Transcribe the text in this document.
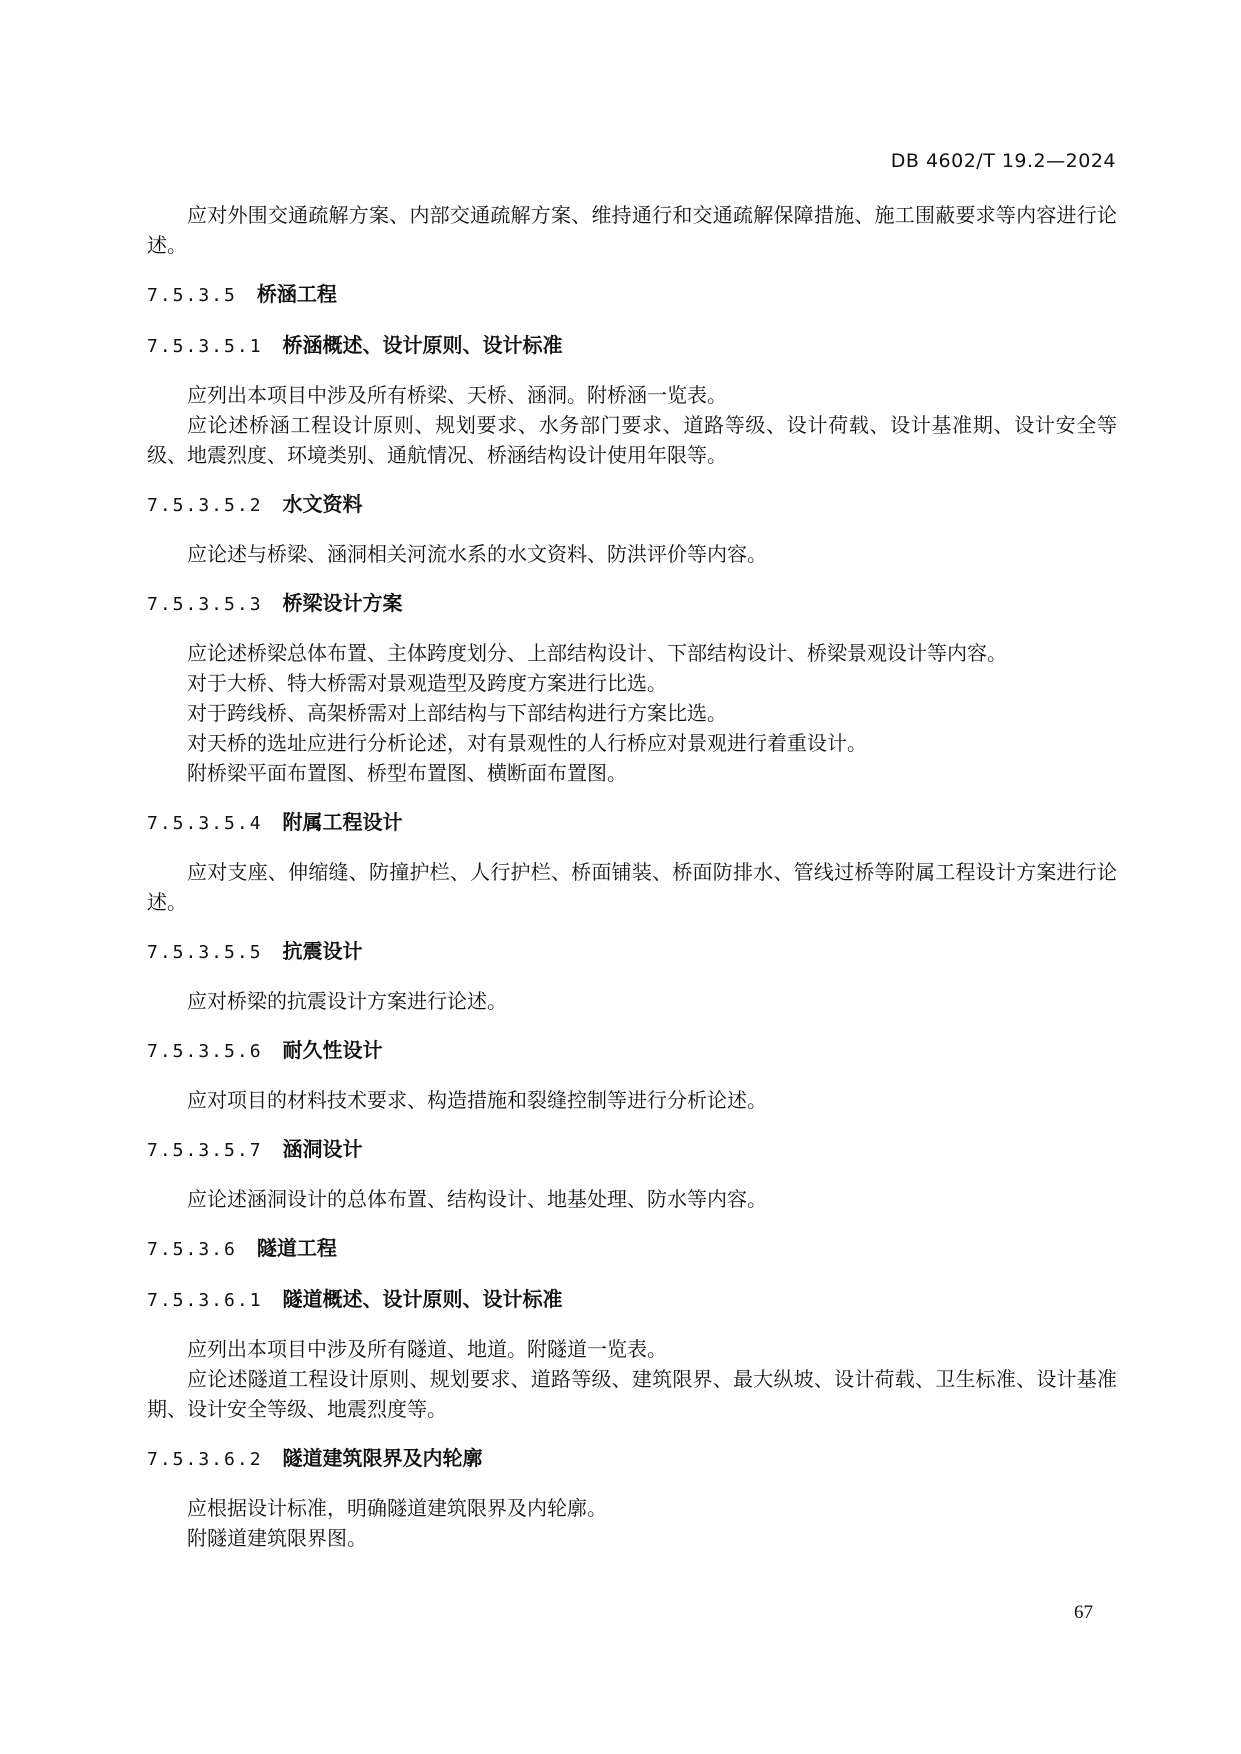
DB 4602/T 19.2—2024

应对外围交通疏解方案、内部交通疏解方案、维持通行和交通疏解保障措施、施工围蔽要求等内容进行论述。

7.5.3.5 桥涵工程
7.5.3.5.1 桥涵概述、设计原则、设计标准

应列出本项目中涉及所有桥梁、天桥、涵洞。附桥涵一览表。

应论述桥涵工程设计原则、规划要求、水务部门要求、道路等级、设计荷载、设计基准期、设计安全等级、地震烈度、环境类别、通航情况、桥涵结构设计使用年限等。

7.5.3.5.2 水文资料

应论述与桥梁、涵洞相关河流水系的水文资料、防洪评价等内容。

7.5.3.5.3 桥梁设计方案

应论述桥梁总体布置、主体跨度划分、上部结构设计、下部结构设计、桥梁景观设计等内容。

对于大桥、特大桥需对景观造型及跨度方案进行比选。

对于跨线桥、高架桥需对上部结构与下部结构进行方案比选。

对天桥的选址应进行分析论述，对有景观性的人行桥应对景观进行着重设计。

附桥梁平面布置图、桥型布置图、横断面布置图。

7.5.3.5.4 附属工程设计

应对支座、伸缩缝、防撞护栏、人行护栏、桥面铺装、桥面防排水、管线过桥等附属工程设计方案进行论述。

7.5.3.5.5 抗震设计

应对桥梁的抗震设计方案进行论述。

7.5.3.5.6 耐久性设计

应对项目的材料技术要求、构造措施和裂缝控制等进行分析论述。

7.5.3.5.7 涵洞设计

应论述涵洞设计的总体布置、结构设计、地基处理、防水等内容。

7.5.3.6 隧道工程
7.5.3.6.1 隧道概述、设计原则、设计标准

应列出本项目中涉及所有隧道、地道。附隧道一览表。

应论述隧道工程设计原则、规划要求、道路等级、建筑限界、最大纵坡、设计荷载、卫生标准、设计基准期、设计安全等级、地震烈度等。

7.5.3.6.2 隧道建筑限界及内轮廓

应根据设计标准，明确隧道建筑限界及内轮廓。

附隧道建筑限界图。

67
